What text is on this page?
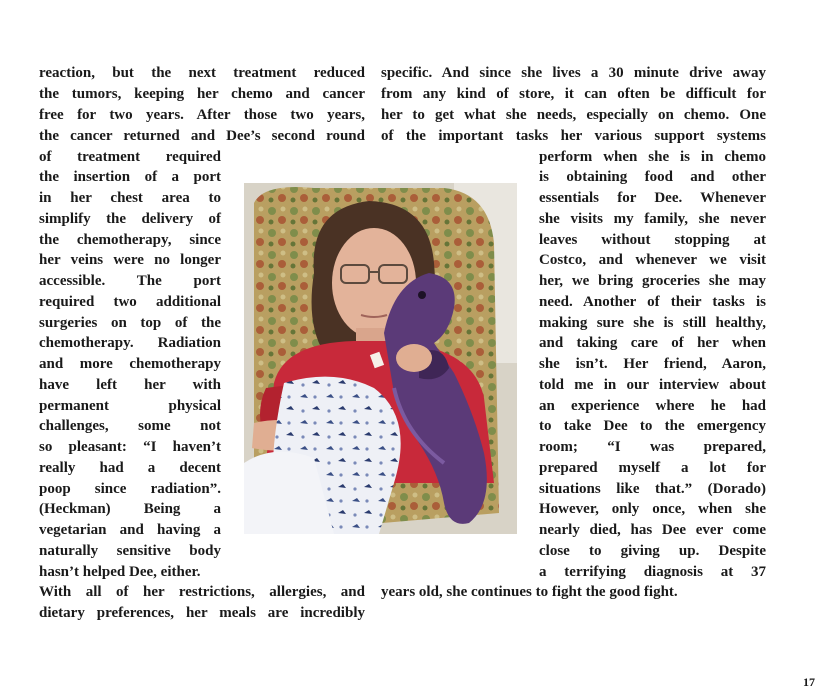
reaction, but the next treatment reduced
the tumors, keeping her chemo and cancer
free for two years. After those two years,
the cancer returned and Dee’s second round
of treatment required
the insertion of a port
in her chest area to
simplify the delivery of
the chemotherapy, since
her veins were no longer
accessible. The port
required two additional
surgeries on top of the
chemotherapy. Radiation
and more chemotherapy
have left her with
permanent physical
challenges, some not
so pleasant: “I haven’t
really had a decent
poop since radiation”.
(Heckman) Being a
vegetarian and having a
naturally sensitive body
hasn’t helped Dee, either.
With all of her restrictions, allergies, and
dietary preferences, her meals are incredibly
specific. And since she lives a 30 minute drive away
from any kind of store, it can often be difficult for
her to get what she needs, especially on chemo. One
of the important tasks her various support systems
perform when she is in chemo
is obtaining food and other
essentials for Dee. Whenever
she visits my family, she never
leaves without stopping at
Costco, and whenever we visit
her, we bring groceries she may
need. Another of their tasks is
making sure she is still healthy,
and taking care of her when
she isn’t. Her friend, Aaron,
told me in our interview about
an experience where he had
to take Dee to the emergency
room; “I was prepared,
prepared myself a lot for
situations like that.” (Dorado)
However, only once, when she
nearly died, has Dee ever come
close to giving up. Despite
a terrifying diagnosis at 37
years old, she continues to fight the good fight.
17
